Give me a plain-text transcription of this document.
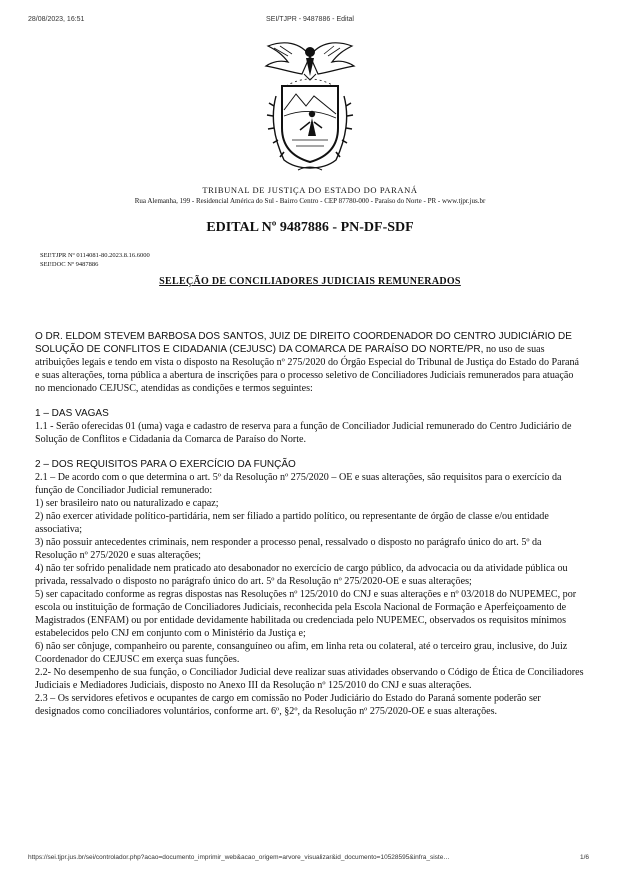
28/08/2023, 16:51	SEI/TJPR - 9487886 - Edital
TRIBUNAL DE JUSTIÇA DO ESTADO DO PARANÁ
Rua Alemanha, 199 - Residencial América do Sul - Bairro Centro - CEP 87780-000 - Paraíso do Norte - PR - www.tjpr.jus.br
EDITAL Nº 9487886 - PN-DF-SDF
SEI!TJPR Nº 0114081-80.2023.8.16.6000
SEI!DOC Nº 9487886
SELEÇÃO DE CONCILIADORES JUDICIAIS REMUNERADOS

O DR. ELDOM STEVEM BARBOSA DOS SANTOS, JUIZ DE DIREITO COORDENADOR DO CENTRO JUDICIÁRIO DE SOLUÇÃO DE CONFLITOS E CIDADANIA (CEJUSC) DA COMARCA DE PARAÍSO DO NORTE/PR, no uso de suas atribuições legais e tendo em vista o disposto na Resolução nº 275/2020 do Órgão Especial do Tribunal de Justiça do Estado do Paraná e suas alterações, torna pública a abertura de inscrições para o processo seletivo de Conciliadores Judiciais remunerados para atuação no mencionado CEJUSC, atendidas as condições e termos seguintes:

1 – DAS VAGAS

1.1 - Serão oferecidas 01 (uma) vaga e cadastro de reserva para a função de Conciliador Judicial remunerado do Centro Judiciário de Solução de Conflitos e Cidadania da Comarca de Paraíso do Norte.

2 – DOS REQUISITOS PARA O EXERCÍCIO DA FUNÇÃO

2.1 – De acordo com o que determina o art. 5º da Resolução nº 275/2020 – OE e suas alterações, são requisitos para o exercício da função de Conciliador Judicial remunerado:

1) ser brasileiro nato ou naturalizado e capaz;

2) não exercer atividade político-partidária, nem ser filiado a partido político, ou representante de órgão de classe e/ou entidade associativa;

3) não possuir antecedentes criminais, nem responder a processo penal, ressalvado o disposto no parágrafo único do art. 5º da Resolução nº 275/2020 e suas alterações;

4) não ter sofrido penalidade nem praticado ato desabonador no exercício de cargo público, da advocacia ou da atividade pública ou privada, ressalvado o disposto no parágrafo único do art. 5º da Resolução nº 275/2020-OE e suas alterações;

5) ser capacitado conforme as regras dispostas nas Resoluções nº 125/2010 do CNJ e suas alterações e nº 03/2018 do NUPEMEC, por escola ou instituição de formação de Conciliadores Judiciais, reconhecida pela Escola Nacional de Formação e Aperfeiçoamento de Magistrados (ENFAM) ou por entidade devidamente habilitada ou credenciada pelo NUPEMEC, observados os requisitos mínimos estabelecidos pelo CNJ em conjunto com o Ministério da Justiça e;

6) não ser cônjuge, companheiro ou parente, consanguíneo ou afim, em linha reta ou colateral, até o terceiro grau, inclusive, do Juiz Coordenador do CEJUSC em exerça suas funções.

2.2- No desempenho de sua função, o Conciliador Judicial deve realizar suas atividades observando o Código de Ética de Conciliadores Judiciais e Mediadores Judiciais, disposto no Anexo III da Resolução nº 125/2010 do CNJ e suas alterações.

2.3 – Os servidores efetivos e ocupantes de cargo em comissão no Poder Judiciário do Estado do Paraná somente poderão ser designados como conciliadores voluntários, conforme art. 6º, §2º, da Resolução nº 275/2020-OE e suas alterações.

https://sei.tjpr.jus.br/sei/controlador.php?acao=documento_imprimir_web&acao_origem=arvore_visualizar&id_documento=10528595&infra_siste…	1/6
